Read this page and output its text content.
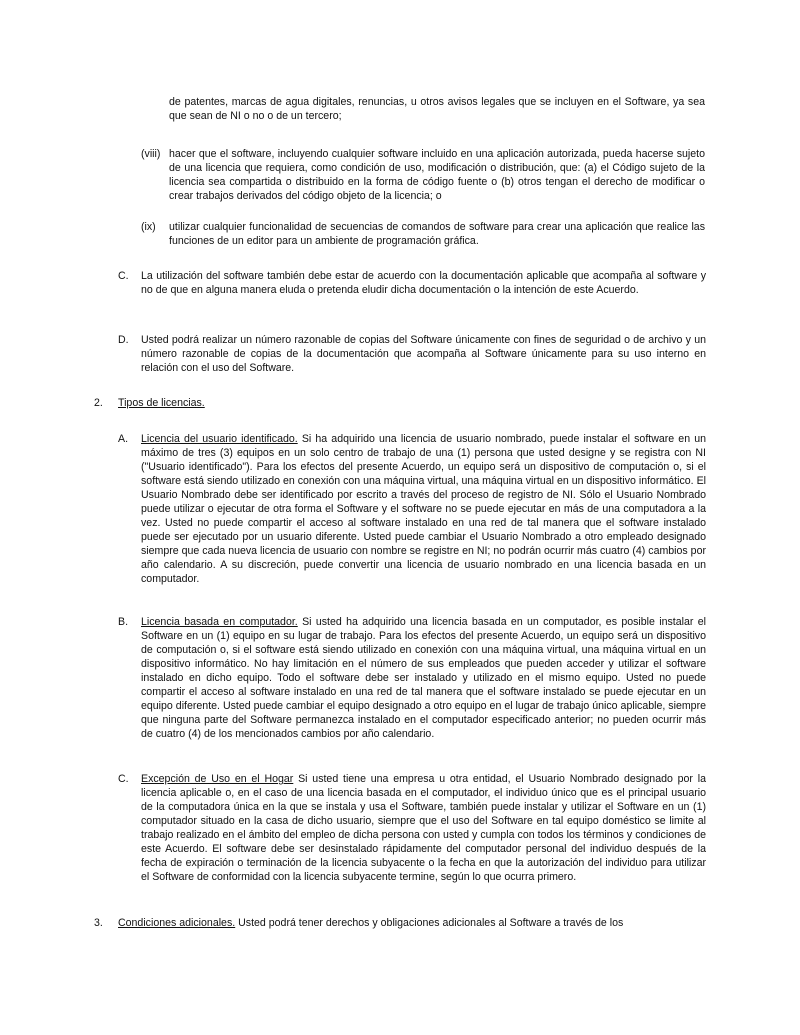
de patentes, marcas de agua digitales, renuncias, u otros avisos legales que se incluyen en el Software, ya sea que sean de NI o no o de un tercero;

(viii) hacer que el software, incluyendo cualquier software incluido en una aplicación autorizada, pueda hacerse sujeto de una licencia que requiera, como condición de uso, modificación o distribución, que: (a) el Código sujeto de la licencia sea compartida o distribuido en la forma de código fuente o (b) otros tengan el derecho de modificar o crear trabajos derivados del código objeto de la licencia; o

(ix) utilizar cualquier funcionalidad de secuencias de comandos de software para crear una aplicación que realice las funciones de un editor para un ambiente de programación gráfica.

C. La utilización del software también debe estar de acuerdo con la documentación aplicable que acompaña al software y no de que en alguna manera eluda o pretenda eludir dicha documentación o la intención de este Acuerdo.

D. Usted podrá realizar un número razonable de copias del Software únicamente con fines de seguridad o de archivo y un número razonable de copias de la documentación que acompaña al Software únicamente para su uso interno en relación con el uso del Software.

2. Tipos de licencias.
A. Licencia del usuario identificado. Si ha adquirido una licencia de usuario nombrado, puede instalar el software en un máximo de tres (3) equipos en un solo centro de trabajo de una (1) persona que usted designe y se registra con NI ("Usuario identificado"). Para los efectos del presente Acuerdo, un equipo será un dispositivo de computación o, si el software está siendo utilizado en conexión con una máquina virtual, una máquina virtual en un dispositivo informático. El Usuario Nombrado debe ser identificado por escrito a través del proceso de registro de NI. Sólo el Usuario Nombrado puede utilizar o ejecutar de otra forma el Software y el software no se puede ejecutar en más de una computadora a la vez. Usted no puede compartir el acceso al software instalado en una red de tal manera que el software instalado puede ser ejecutado por un usuario diferente. Usted puede cambiar el Usuario Nombrado a otro empleado designado siempre que cada nueva licencia de usuario con nombre se registre en NI; no podrán ocurrir más cuatro (4) cambios por año calendario. A su discreción, puede convertir una licencia de usuario nombrado en una licencia basada en un computador.

B. Licencia basada en computador. Si usted ha adquirido una licencia basada en un computador, es posible instalar el Software en un (1) equipo en su lugar de trabajo. Para los efectos del presente Acuerdo, un equipo será un dispositivo de computación o, si el software está siendo utilizado en conexión con una máquina virtual, una máquina virtual en un dispositivo informático. No hay limitación en el número de sus empleados que pueden acceder y utilizar el software instalado en dicho equipo. Todo el software debe ser instalado y utilizado en el mismo equipo. Usted no puede compartir el acceso al software instalado en una red de tal manera que el software instalado se puede ejecutar en un equipo diferente. Usted puede cambiar el equipo designado a otro equipo en el lugar de trabajo único aplicable, siempre que ninguna parte del Software permanezca instalado en el computador especificado anterior; no pueden ocurrir más de cuatro (4) de los mencionados cambios por año calendario.

C. Excepción de Uso en el Hogar Si usted tiene una empresa u otra entidad, el Usuario Nombrado designado por la licencia aplicable o, en el caso de una licencia basada en el computador, el individuo único que es el principal usuario de la computadora única en la que se instala y usa el Software, también puede instalar y utilizar el Software en un (1) computador situado en la casa de dicho usuario, siempre que el uso del Software en tal equipo doméstico se limite al trabajo realizado en el ámbito del empleo de dicha persona con usted y cumpla con todos los términos y condiciones de este Acuerdo. El software debe ser desinstalado rápidamente del computador personal del individuo después de la fecha de expiración o terminación de la licencia subyacente o la fecha en que la autorización del individuo para utilizar el Software de conformidad con la licencia subyacente termine, según lo que ocurra primero.

3. Condiciones adicionales. Usted podrá tener derechos y obligaciones adicionales al Software a través de los
